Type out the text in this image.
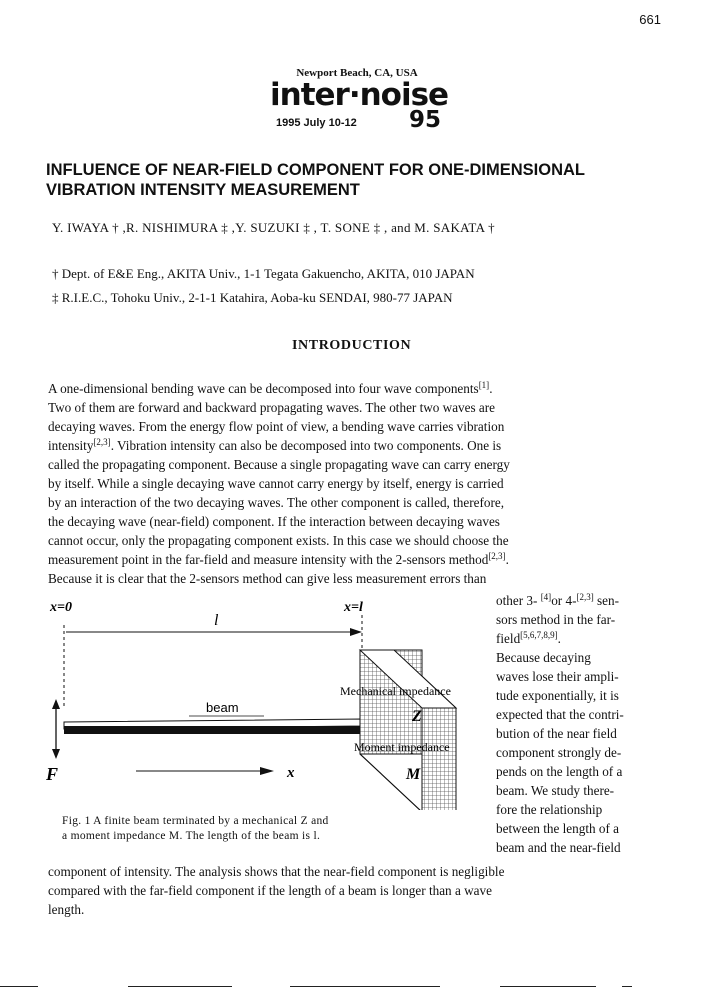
661
Newport Beach, CA, USA
inter·noise
1995 July 10-12 95
INFLUENCE OF NEAR-FIELD COMPONENT FOR ONE-DIMENSIONAL
VIBRATION INTENSITY MEASUREMENT
Y. IWAYA † ,R. NISHIMURA ‡ ,Y. SUZUKI ‡ , T. SONE ‡ , and M. SAKATA †
† Dept. of E&E Eng., AKITA Univ., 1-1 Tegata Gakuencho, AKITA, 010 JAPAN
‡ R.I.E.C., Tohoku Univ., 2-1-1 Katahira, Aoba-ku SENDAI, 980-77 JAPAN
INTRODUCTION
A one-dimensional bending wave can be decomposed into four wave components[1].
Two of them are forward and backward propagating waves. The other two waves are
decaying waves. From the energy flow point of view, a bending wave carries vibration
intensity[2,3]. Vibration intensity can also be decomposed into two components. One is
called the propagating component. Because a single propagating wave can carry energy
by itself. While a single decaying wave cannot carry energy by itself, energy is carried
by an interaction of the two decaying waves. The other component is called, therefore,
the decaying wave (near-field) component. If the interaction between decaying waves
cannot occur, only the propagating component exists. In this case we should choose the
measurement point in the far-field and measure intensity with the 2-sensors method[2,3].
Because it is clear that the 2-sensors method can give less measurement errors than
x=0	x=l
l
beam
Mechanical impedance
Z
Moment impedance
M
F	x
Fig. 1 A finite beam terminated by a mechanical Z and
a moment impedance M. The length of the beam is l.
other 3- [4]or 4-[2,3] sen-
sors method in the far-
field[5,6,7,8,9].
Because decaying
waves lose their ampli-
tude exponentially, it is
expected that the contri-
bution of the near field
component strongly de-
pends on the length of a
beam. We study there-
fore the relationship
between the length of a
beam and the near-field
component of intensity. The analysis shows that the near-field component is negligible
compared with the far-field component if the length of a beam is longer than a wave
length.
